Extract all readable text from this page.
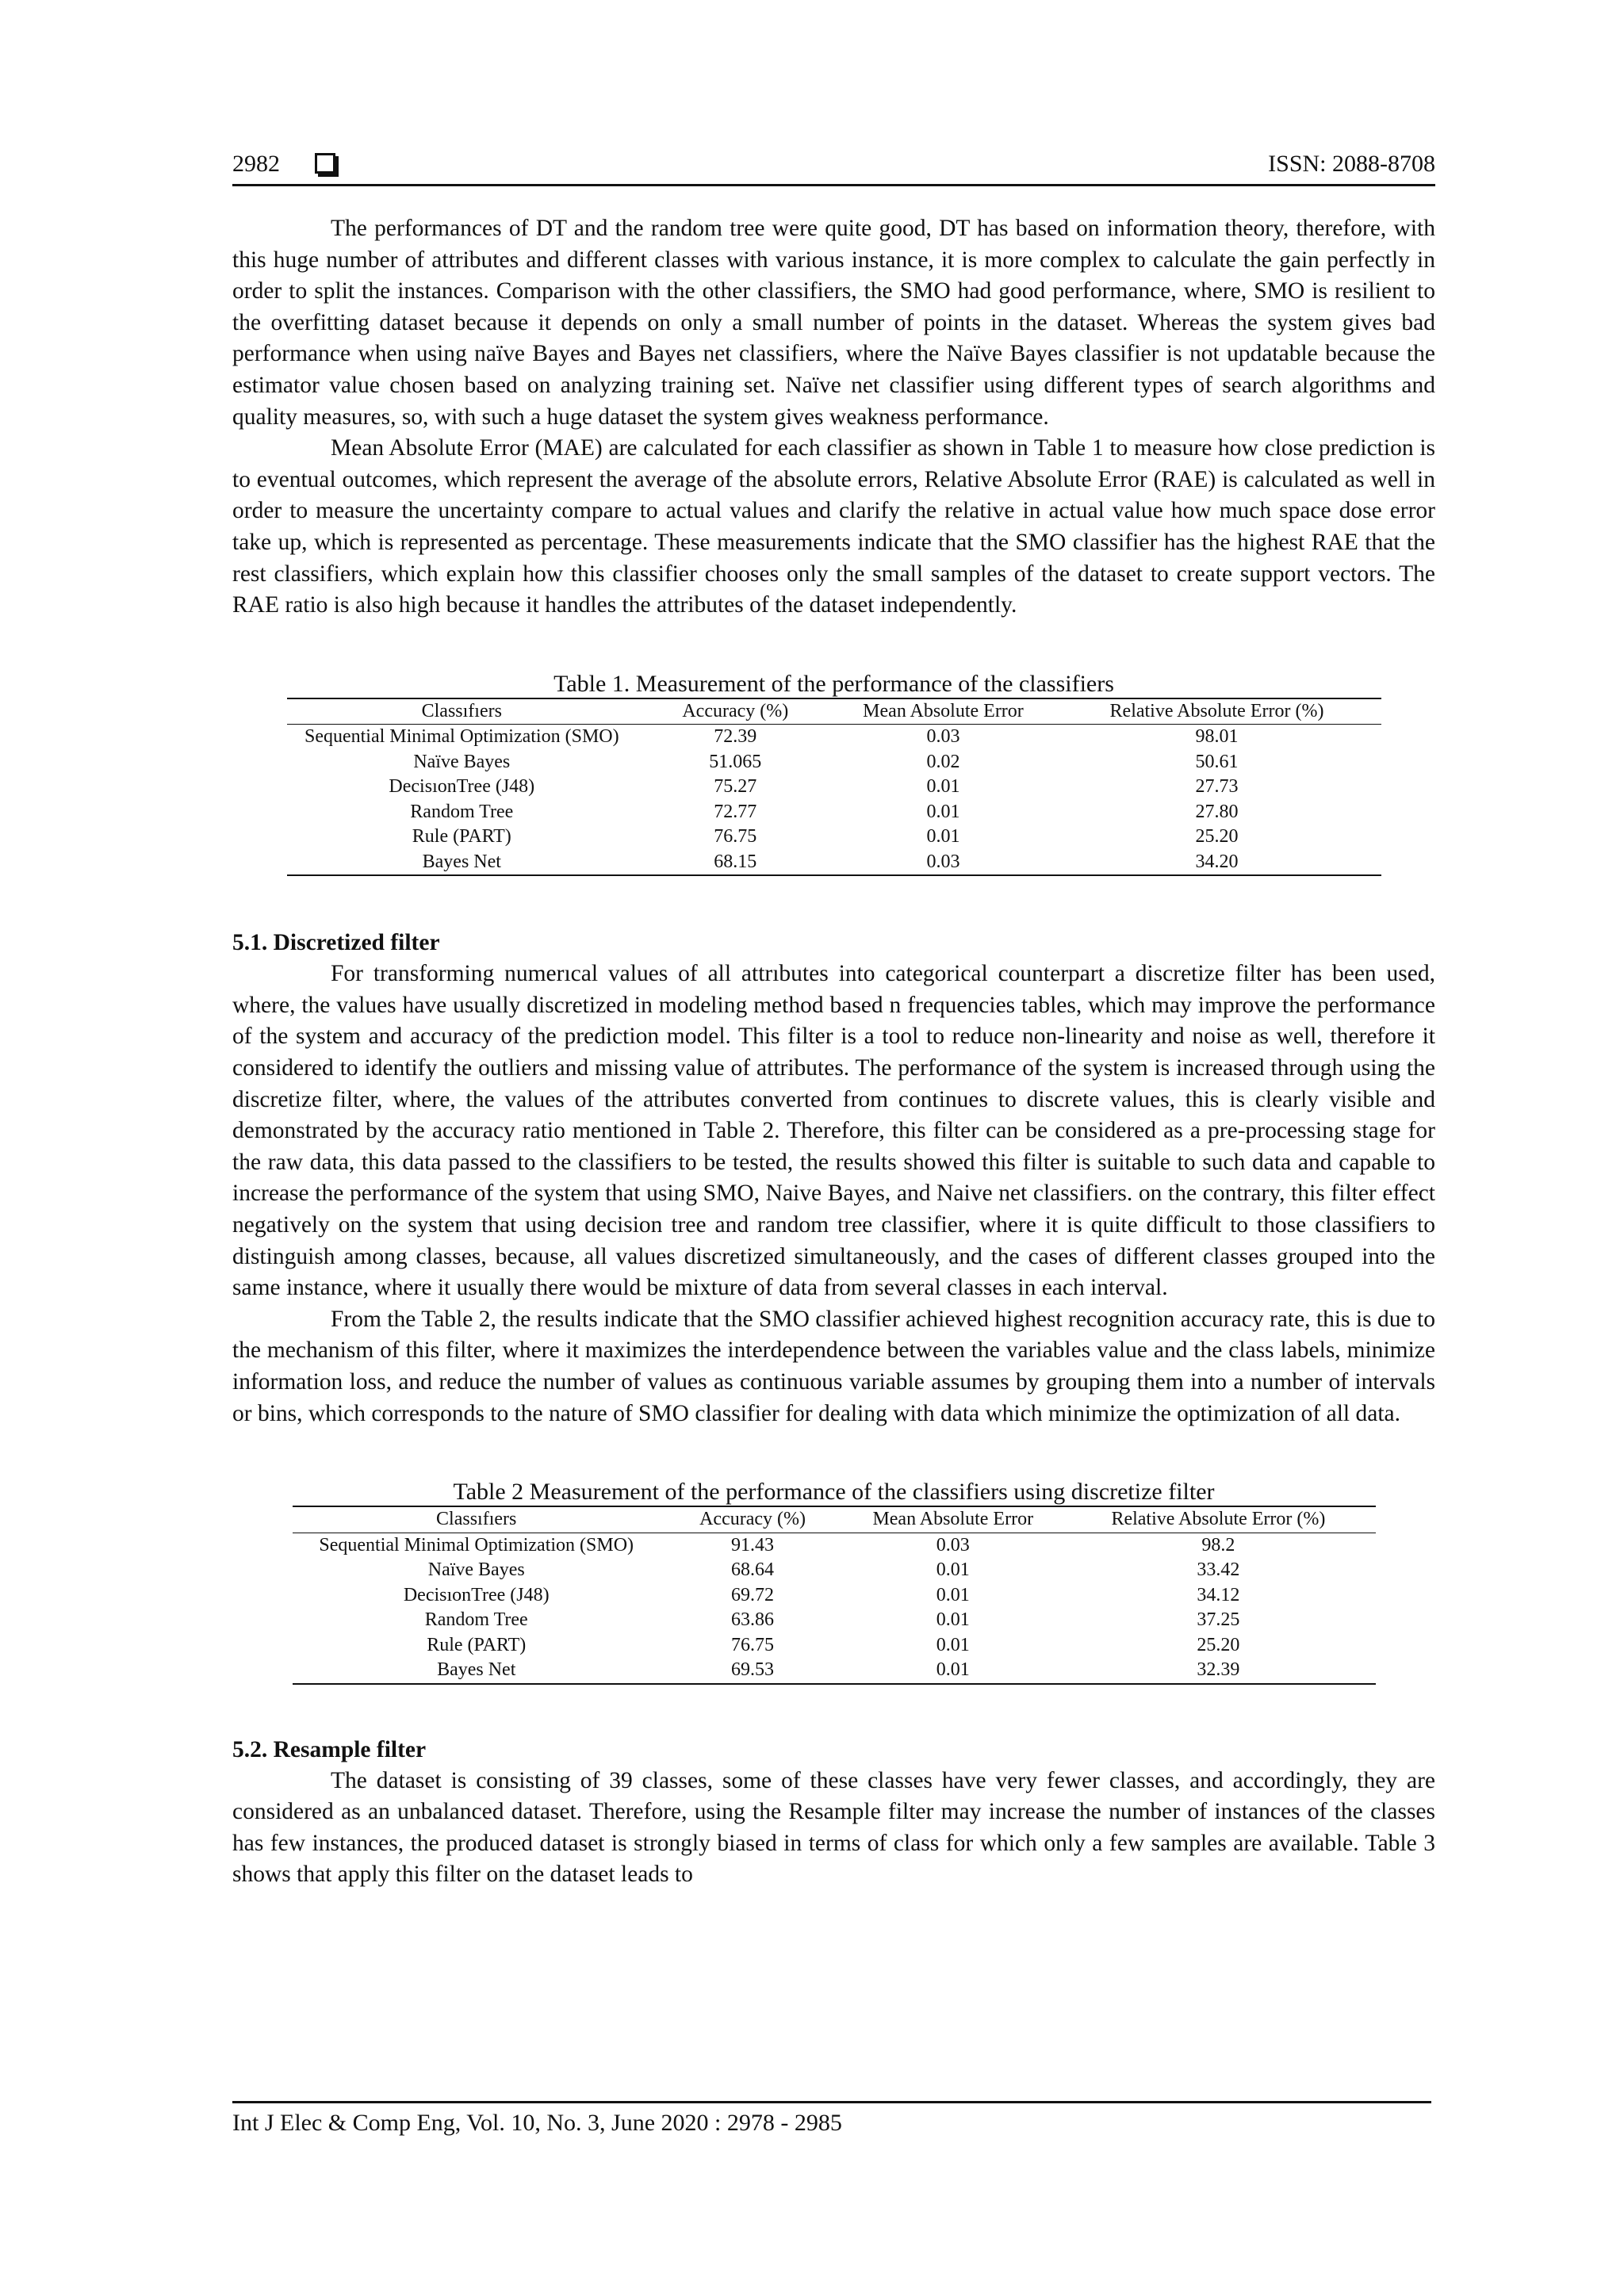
2982	ISSN: 2088-8708

The performances of DT and the random tree were quite good, DT has based on information theory, therefore, with this huge number of attributes and different classes with various instance, it is more complex to calculate the gain perfectly in order to split the instances. Comparison with the other classifiers, the SMO had good performance, where, SMO is resilient to the overfitting dataset because it depends on only a small number of points in the dataset. Whereas the system gives bad performance when using naïve Bayes and Bayes net classifiers, where the Naïve Bayes classifier is not updatable because the estimator value chosen based on analyzing training set. Naïve net classifier using different types of search algorithms and quality measures, so, with such a huge dataset the system gives weakness performance.

Mean Absolute Error (MAE) are calculated for each classifier as shown in Table 1 to measure how close prediction is to eventual outcomes, which represent the average of the absolute errors, Relative Absolute Error (RAE) is calculated as well in order to measure the uncertainty compare to actual values and clarify the relative in actual value how much space dose error take up, which is represented as percentage. These measurements indicate that the SMO classifier has the highest RAE that the rest classifiers, which explain how this classifier chooses only the small samples of the dataset to create support vectors. The RAE ratio is also high because it handles the attributes of the dataset independently.

Table 1. Measurement of the performance of the classifiers
Classıfıers	Accuracy (%)	Mean Absolute Error	Relative Absolute Error (%)
Sequential Minimal Optimization (SMO)	72.39	0.03	98.01
Naïve Bayes	51.065	0.02	50.61
DecisıonTree (J48)	75.27	0.01	27.73
Random Tree	72.77	0.01	27.80
Rule (PART)	76.75	0.01	25.20
Bayes Net	68.15	0.03	34.20
5.1. Discretized filter

For transforming numerıcal values of all attrıbutes into categorical counterpart a discretize filter has been used, where, the values have usually discretized in modeling method based n frequencies tables, which may improve the performance of the system and accuracy of the prediction model. This filter is a tool to reduce non-linearity and noise as well, therefore it considered to identify the outliers and missing value of attributes. The performance of the system is increased through using the discretize filter, where, the values of the attributes converted from continues to discrete values, this is clearly visible and demonstrated by the accuracy ratio mentioned in Table 2. Therefore, this filter can be considered as a pre-processing stage for the raw data, this data passed to the classifiers to be tested, the results showed this filter is suitable to such data and capable to increase the performance of the system that using SMO, Naive Bayes, and Naive net classifiers. on the contrary, this filter effect negatively on the system that using decision tree and random tree classifier, where it is quite difficult to those classifiers to distinguish among classes, because, all values discretized simultaneously, and the cases of different classes grouped into the same instance, where it usually there would be mixture of data from several classes in each interval.

From the Table 2, the results indicate that the SMO classifier achieved highest recognition accuracy rate, this is due to the mechanism of this filter, where it maximizes the interdependence between the variables value and the class labels, minimize information loss, and reduce the number of values as continuous variable assumes by grouping them into a number of intervals or bins, which corresponds to the nature of SMO classifier for dealing with data which minimize the optimization of all data.

Table 2 Measurement of the performance of the classifiers using discretize filter
Classıfıers	Accuracy (%)	Mean Absolute Error	Relative Absolute Error (%)
Sequential Minimal Optimization (SMO)	91.43	0.03	98.2
Naïve Bayes	68.64	0.01	33.42
DecisıonTree (J48)	69.72	0.01	34.12
Random Tree	63.86	0.01	37.25
Rule (PART)	76.75	0.01	25.20
Bayes Net	69.53	0.01	32.39
5.2. Resample filter

The dataset is consisting of 39 classes, some of these classes have very fewer classes, and accordingly, they are considered as an unbalanced dataset. Therefore, using the Resample filter may increase the number of instances of the classes has few instances, the produced dataset is strongly biased in terms of class for which only a few samples are available. Table 3 shows that apply this filter on the dataset leads to

Int J Elec & Comp Eng, Vol. 10, No. 3, June 2020 : 2978 - 2985
